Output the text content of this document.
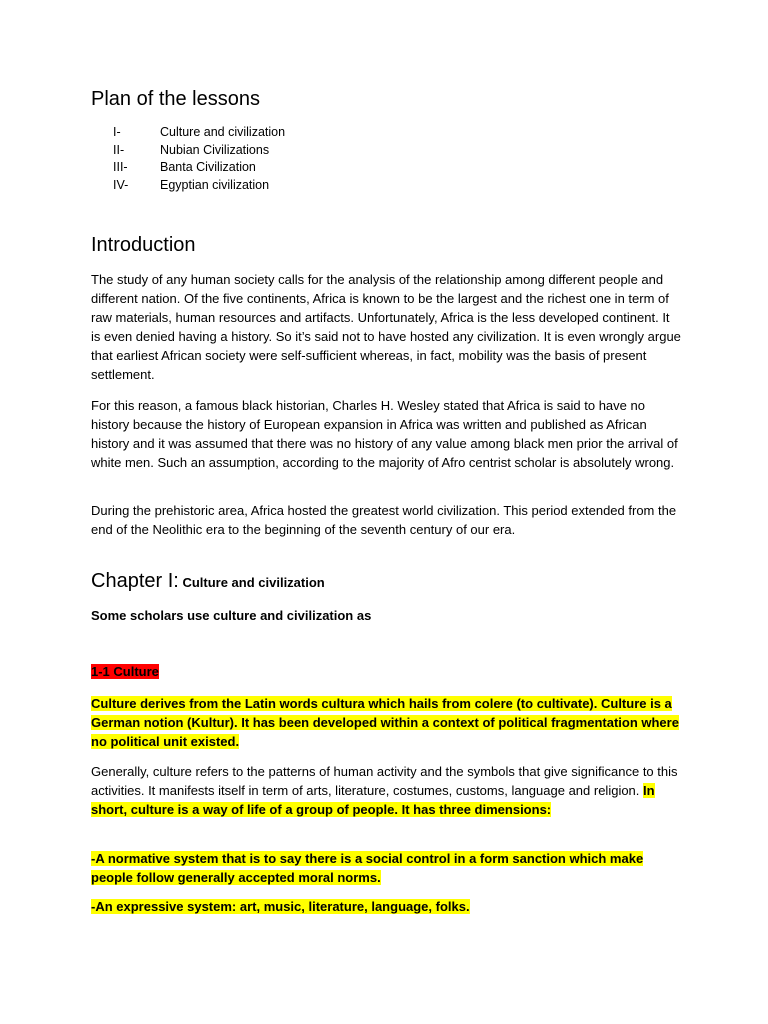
Plan of the lessons
I-	Culture and civilization
II-	Nubian Civilizations
III-	Banta Civilization
IV-	Egyptian civilization
Introduction

The study of any human society calls for the analysis of the relationship among different people and different nation. Of the five continents, Africa is known to be the largest and the richest one in term of raw materials, human resources and artifacts. Unfortunately, Africa is the less developed continent. It is even denied having a history. So it’s said not to have hosted any civilization. It is even wrongly argue that earliest African society were self-sufficient whereas, in fact, mobility was the basis of present settlement.

For this reason, a famous black historian, Charles H. Wesley stated that Africa is said to have no history because the history of European expansion in Africa was written and published as African history and it was assumed that there was no history of any value among black men prior the arrival of white men. Such an assumption, according to the majority of Afro centrist scholar is absolutely wrong.

During the prehistoric area, Africa hosted the greatest world civilization. This period extended from the end of the Neolithic era to the beginning of the seventh century of our era.

Chapter I: Culture and civilization
Some scholars use culture and civilization as
1-1 Culture

Culture derives from the Latin words cultura which hails from colere (to cultivate). Culture is a German notion (Kultur). It has been developed within a context of political fragmentation where no political unit existed.

Generally, culture refers to the patterns of human activity and the symbols that give significance to this activities. It manifests itself in term of arts, literature, costumes, customs, language and religion. In short, culture is a way of life of a group of people. It has three dimensions:

-A normative system that is to say there is a social control in a form sanction which make people follow generally accepted moral norms.

-An expressive system: art, music, literature, language, folks.
